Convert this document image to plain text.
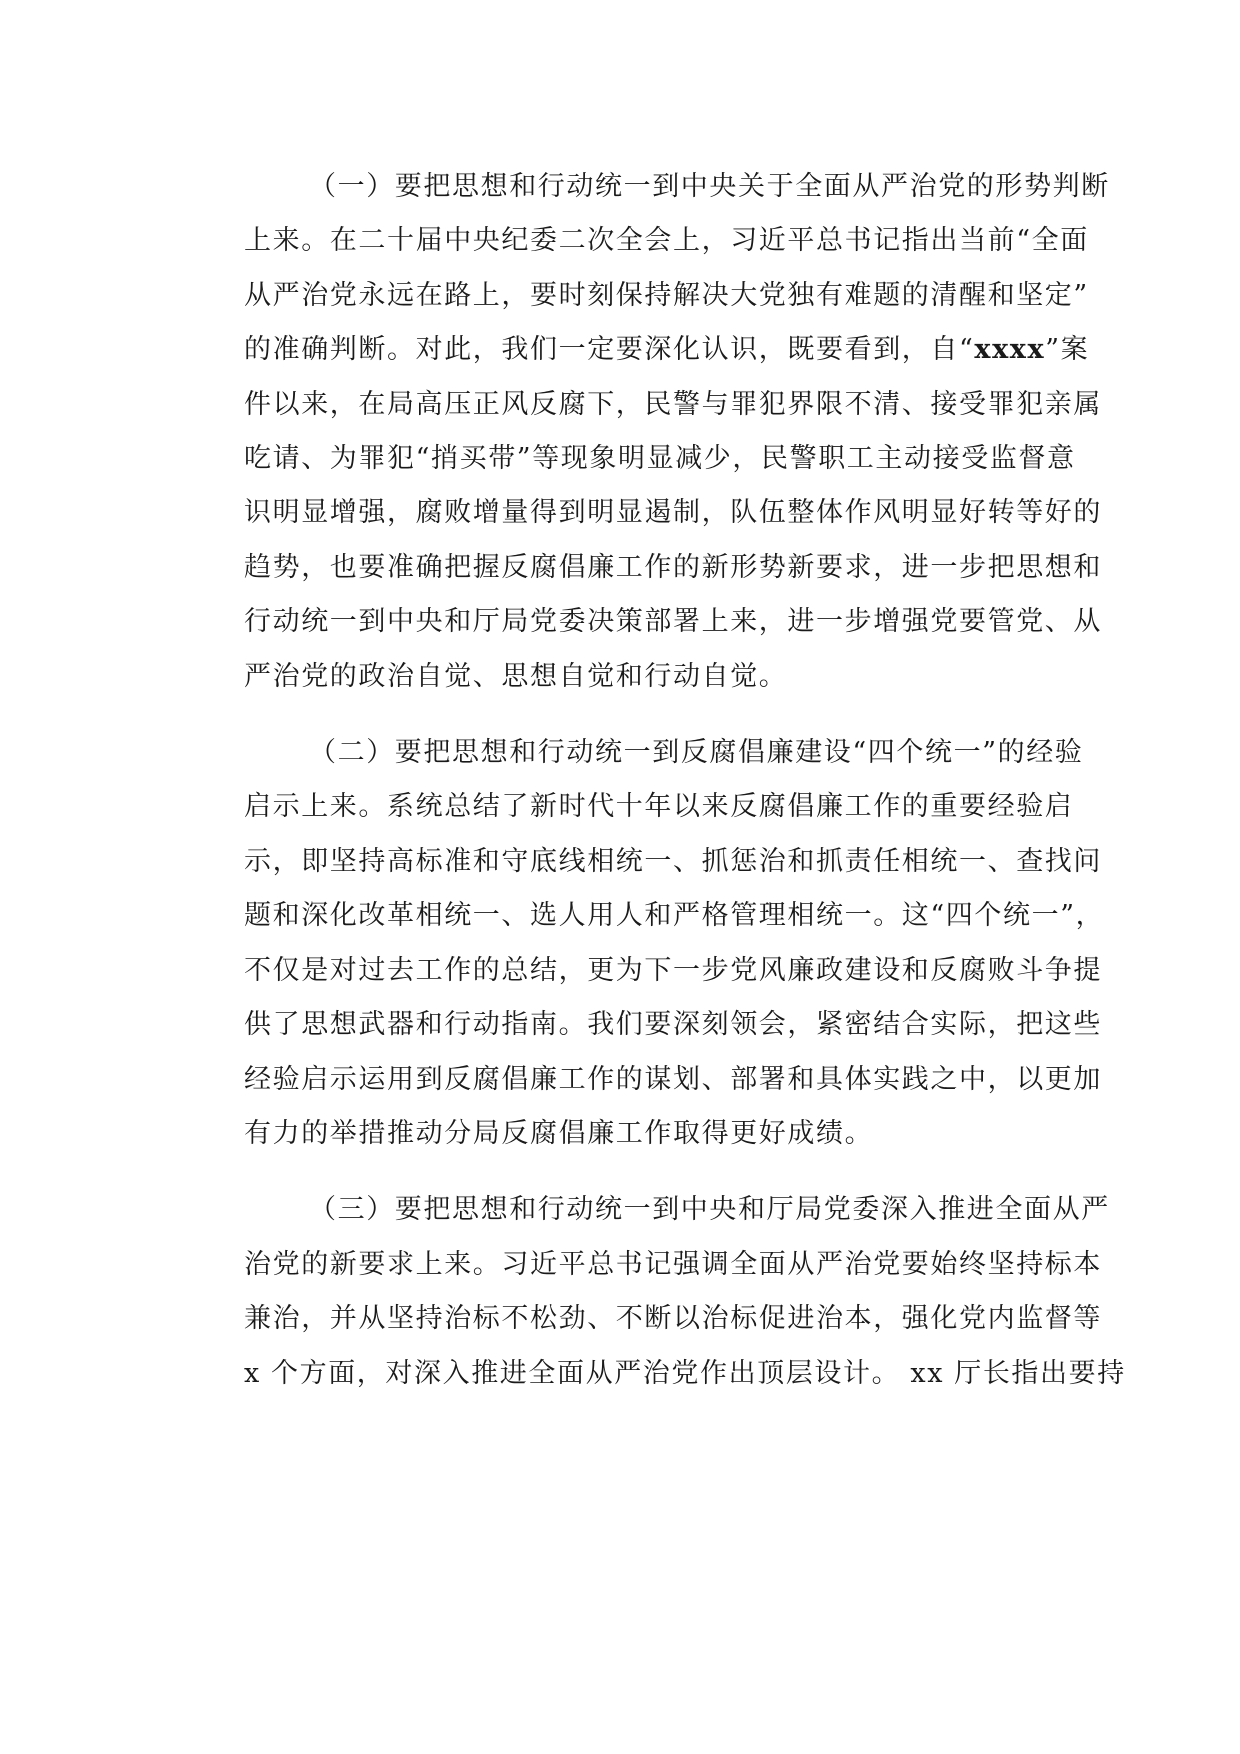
（一）要把思想和行动统一到中央关于全面从严治党的形势判断
上来。在二十届中央纪委二次全会上，习近平总书记指出当前“全面
从严治党永远在路上，要时刻保持解决大党独有难题的清醒和坚定”
的准确判断。对此，我们一定要深化认识，既要看到，自“xxxx”案
件以来，在局高压正风反腐下，民警与罪犯界限不清、接受罪犯亲属
吃请、为罪犯“捎买带”等现象明显减少，民警职工主动接受监督意
识明显增强，腐败增量得到明显遏制，队伍整体作风明显好转等好的
趋势，也要准确把握反腐倡廉工作的新形势新要求，进一步把思想和
行动统一到中央和厅局党委决策部署上来，进一步增强党要管党、从
严治党的政治自觉、思想自觉和行动自觉。
（二）要把思想和行动统一到反腐倡廉建设“四个统一”的经验
启示上来。系统总结了新时代十年以来反腐倡廉工作的重要经验启
示，即坚持高标准和守底线相统一、抓惩治和抓责任相统一、查找问
题和深化改革相统一、选人用人和严格管理相统一。这“四个统一”，
不仅是对过去工作的总结，更为下一步党风廉政建设和反腐败斗争提
供了思想武器和行动指南。我们要深刻领会，紧密结合实际，把这些
经验启示运用到反腐倡廉工作的谋划、部署和具体实践之中，以更加
有力的举措推动分局反腐倡廉工作取得更好成绩。
（三）要把思想和行动统一到中央和厅局党委深入推进全面从严
治党的新要求上来。习近平总书记强调全面从严治党要始终坚持标本
兼治，并从坚持治标不松劲、不断以治标促进治本，强化党内监督等
x 个方面，对深入推进全面从严治党作出顶层设计。 xx 厅长指出要持
